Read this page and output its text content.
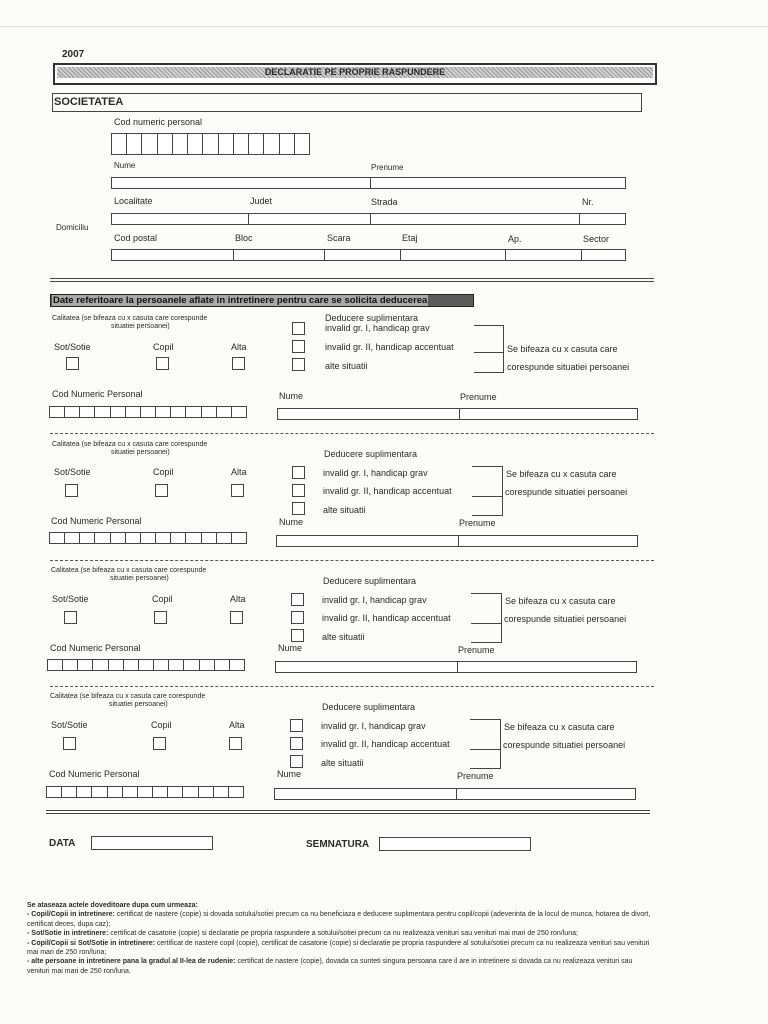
2007
DECLARATIE PE PROPRIE RASPUNDERE
SOCIETATEA
Cod numeric personal
Nume	Prenume
Localitate	Judet	Strada	Nr.
Domiciliu
Cod postal	Bloc	Scara	Etaj	Ap.	Sector
Date referitoare la persoanele aflate in intretinere pentru care se solicita deducerea
Calitatea (se bifeaza cu x casuta care corespunde
situatiei persoanei)
Sot/Sotie	Copil	Alta
Deducere suplimentara
invalid gr. I, handicap grav
invalid gr. II, handicap accentuat
alte situatii
Se bifeaza cu x casuta care
corespunde situatiei persoanei
Cod Numeric Personal	Nume	Prenume
Calitatea (se bifeaza cu x casuta care corespunde
situatiei persoanei)
Sot/Sotie	Copil	Alta
Deducere suplimentara
invalid gr. I, handicap grav
invalid gr. II, handicap accentuat
alte situatii
Se bifeaza cu x casuta care
corespunde situatiei persoanei
Cod Numeric Personal	Nume	Prenume
Calitatea (se bifeaza cu x casuta care corespunde
situatiei persoanei)
Sot/Sotie	Copil	Alta
Deducere suplimentara
invalid gr. I, handicap grav
invalid gr. II, handicap accentuat
alte situatii
Se bifeaza cu x casuta care
corespunde situatiei persoanei
Cod Numeric Personal	Nume	Prenume
Calitatea (se bifeaza cu x casuta care corespunde
situatiei persoanei)
Sot/Sotie	Copil	Alta
Deducere suplimentara
invalid gr. I, handicap grav
invalid gr. II, handicap accentuat
alte situatii
Se bifeaza cu x casuta care
corespunde situatiei persoanei
Cod Numeric Personal	Nume	Prenume
DATA	SEMNATURA
Se ataseaza actele doveditoare dupa cum urmeaza:
- Copil/Copii in intretinere: certificat de nastere (copie) si dovada sotului/sotiei precum ca nu beneficiaza e deducere suplimentara pentru copil/copii (adeverinta de la locul de munca, hotarea de divort, certificat deces, dupa caz);
- Sot/Sotie in intretinere: certificat de casatorie (copie) si declaratie pe propria raspundere a sotului/sotiei precum ca nu realizeaza venituri sau venituri mai mari de 250 ron/luna;
- Copil/Copii si Sot/Sotie in intretinere: certificat de nastere copil (copie), certificat de casatorie (copie) si declaratie pe propria raspundere al sotului/sotiei precum ca nu realizeaza venituri sau venituri mai mari de 250 ron/luna;
- alte persoane in intretinere pana la gradul al II-lea de rudenie: certificat de nastere (copie), dovada ca sunteti singura persoana care il are in intretinere si dovada ca nu realizeaza venituri sau venituri mai mari de 250 ron/luna.
